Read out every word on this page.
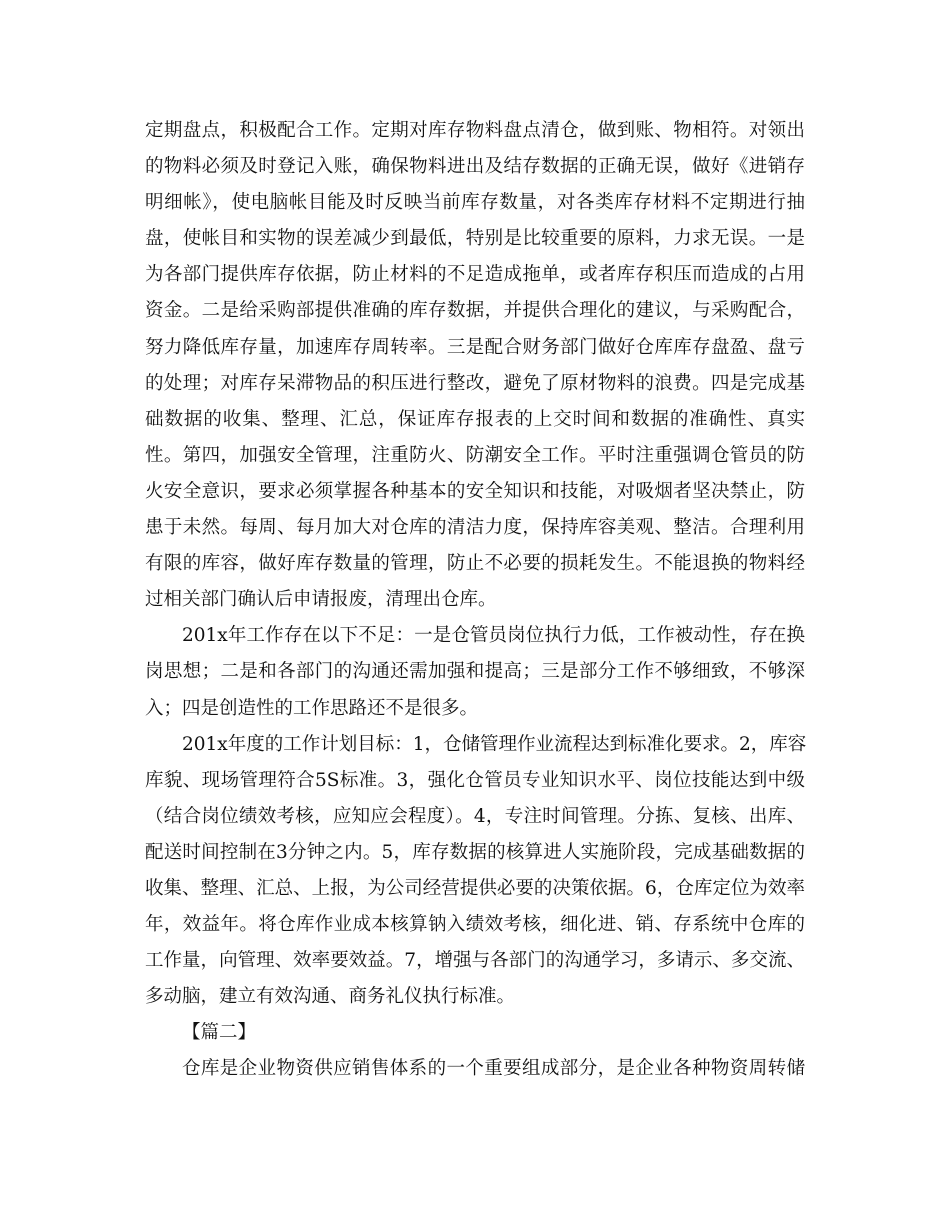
定期盘点，积极配合工作。定期对库存物料盘点清仓，做到账、物相符。对领出
的物料必须及时登记入账，确保物料进出及结存数据的正确无误，做好《进销存
明细帐》，使电脑帐目能及时反映当前库存数量，对各类库存材料不定期进行抽
盘，使帐目和实物的误差减少到最低，特别是比较重要的原料，力求无误。一是
为各部门提供库存依据，防止材料的不足造成拖单，或者库存积压而造成的占用
资金。二是给采购部提供准确的库存数据，并提供合理化的建议，与采购配合，
努力降低库存量，加速库存周转率。三是配合财务部门做好仓库库存盘盈、盘亏
的处理；对库存呆滞物品的积压进行整改，避免了原材物料的浪费。四是完成基
础数据的收集、整理、汇总，保证库存报表的上交时间和数据的准确性、真实
性。第四，加强安全管理，注重防火、防潮安全工作。平时注重强调仓管员的防
火安全意识，要求必须掌握各种基本的安全知识和技能，对吸烟者坚决禁止，防
患于未然。每周、每月加大对仓库的清洁力度，保持库容美观、整洁。合理利用
有限的库容，做好库存数量的管理，防止不必要的损耗发生。不能退换的物料经
过相关部门确认后申请报废，清理出仓库。
201x年工作存在以下不足：一是仓管员岗位执行力低，工作被动性，存在换
岗思想；二是和各部门的沟通还需加强和提高；三是部分工作不够细致，不够深
入；四是创造性的工作思路还不是很多。
201x年度的工作计划目标：1，仓储管理作业流程达到标准化要求。2，库容
库貌、现场管理符合5S标准。3，强化仓管员专业知识水平、岗位技能达到中级
（结合岗位绩效考核，应知应会程度）。4，专注时间管理。分拣、复核、出库、
配送时间控制在3分钟之内。5，库存数据的核算进人实施阶段，完成基础数据的
收集、整理、汇总、上报，为公司经营提供必要的决策依据。6，仓库定位为效率
年，效益年。将仓库作业成本核算钠入绩效考核，细化进、销、存系统中仓库的
工作量，向管理、效率要效益。7，增强与各部门的沟通学习，多请示、多交流、
多动脑，建立有效沟通、商务礼仪执行标准。
【篇二】
仓库是企业物资供应销售体系的一个重要组成部分，是企业各种物资周转储
